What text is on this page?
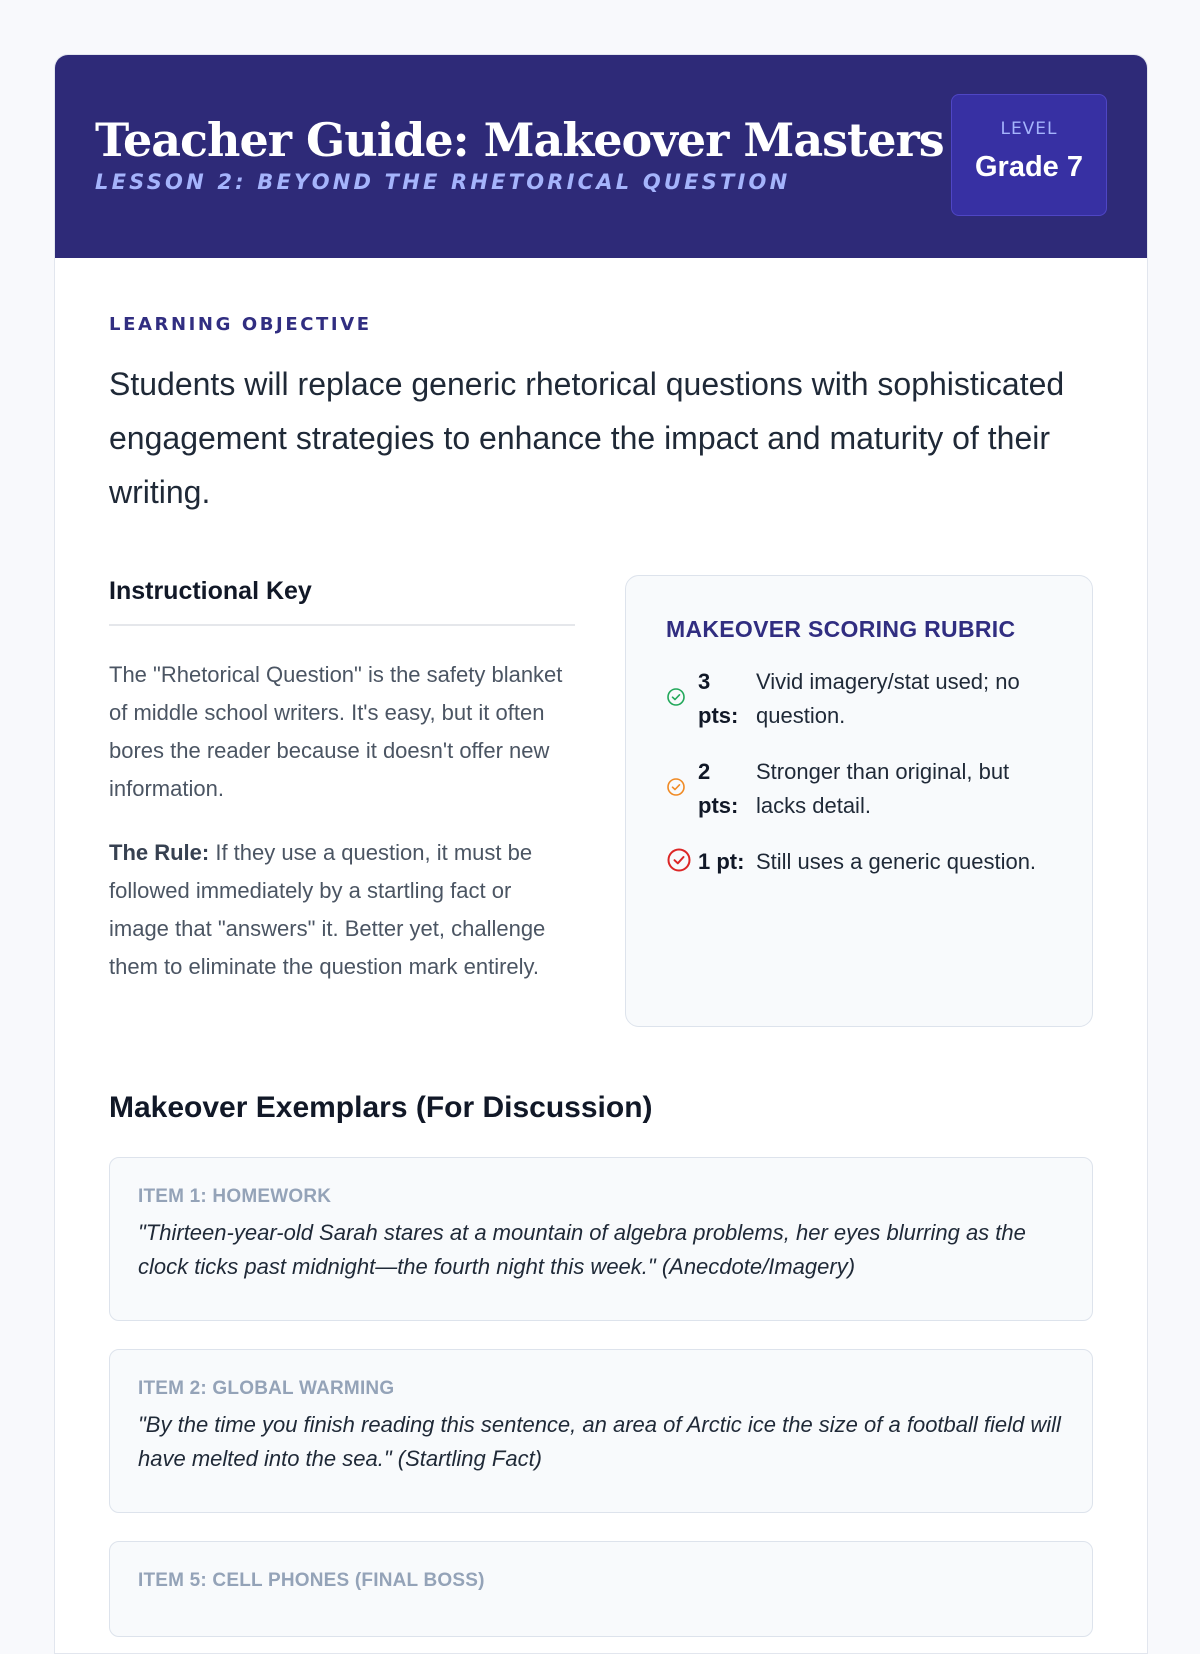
Teacher Guide: Makeover Masters
LESSON 2: BEYOND THE RHETORICAL QUESTION
LEVEL
Grade 7
LEARNING OBJECTIVE
Students will replace generic rhetorical questions with sophisticated engagement strategies to enhance the impact and maturity of their writing.
Instructional Key

The "Rhetorical Question" is the safety blanket of middle school writers. It's easy, but it often bores the reader because it doesn't offer new information.

The Rule: If they use a question, it must be followed immediately by a startling fact or image that "answers" it. Better yet, challenge them to eliminate the question mark entirely.

MAKEOVER SCORING RUBRIC
3 pts:
Vivid imagery/stat used; no question.
2 pts:
Stronger than original, but lacks detail.
1 pt: Still uses a generic question.
Makeover Exemplars (For Discussion)
ITEM 1: HOMEWORK
"Thirteen-year-old Sarah stares at a mountain of algebra problems, her eyes blurring as the clock ticks past midnight—the fourth night this week." (Anecdote/Imagery)
ITEM 2: GLOBAL WARMING
"By the time you finish reading this sentence, an area of Arctic ice the size of a football field will have melted into the sea." (Startling Fact)
ITEM 5: CELL PHONES (FINAL BOSS)
